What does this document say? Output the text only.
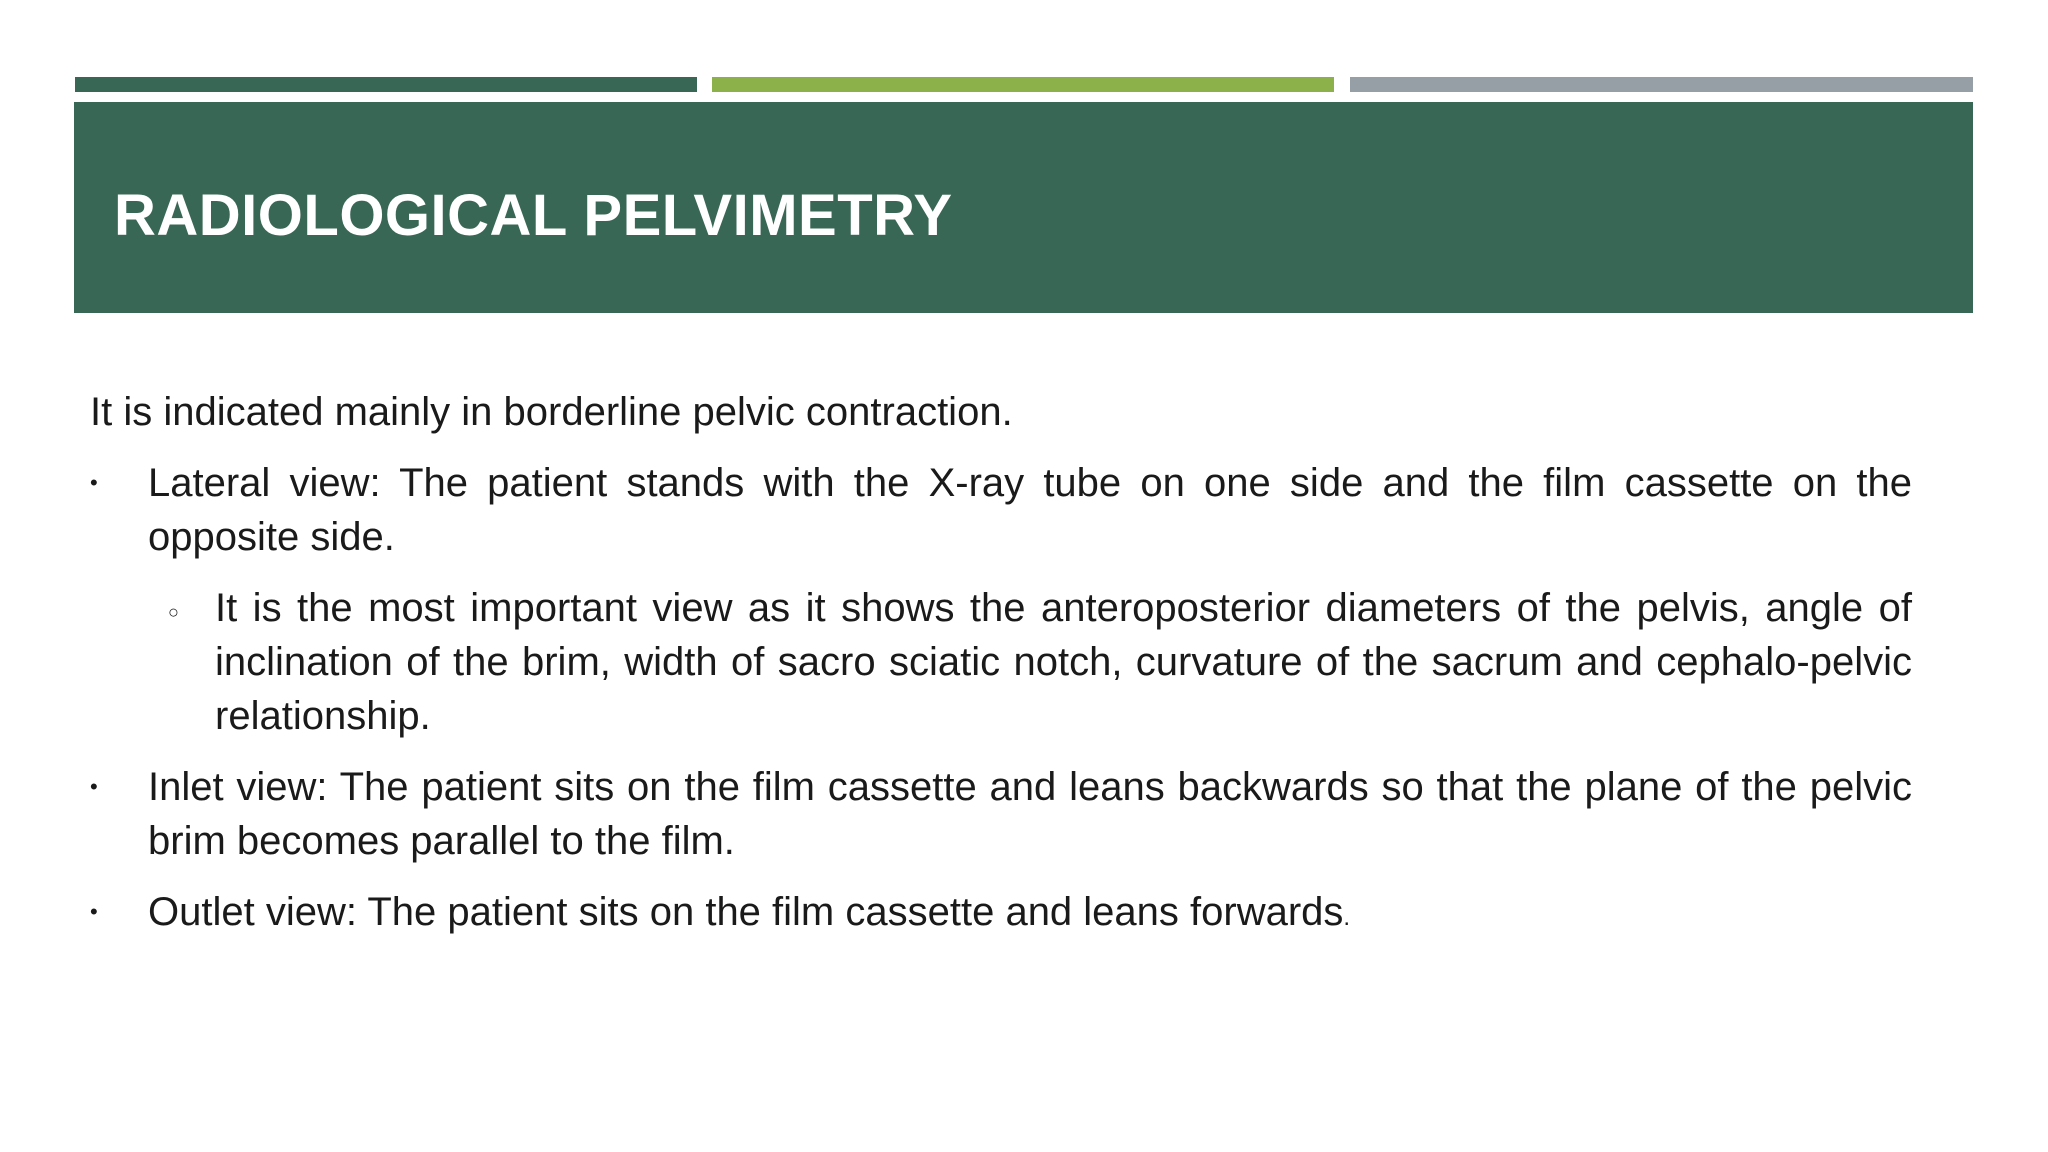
RADIOLOGICAL PELVIMETRY

It is indicated mainly in borderline pelvic contraction.

• Lateral view: The patient stands with the X-ray tube on one side and the film cassette on the opposite side.
○ It is the most important view as it shows the anteroposterior diameters of the pelvis, angle of inclination of the brim, width of sacro sciatic notch, curvature of the sacrum and cephalo-pelvic relationship.
• Inlet view: The patient sits on the film cassette and leans backwards so that the plane of the pelvic brim becomes parallel to the film.
• Outlet view: The patient sits on the film cassette and leans forwards.
